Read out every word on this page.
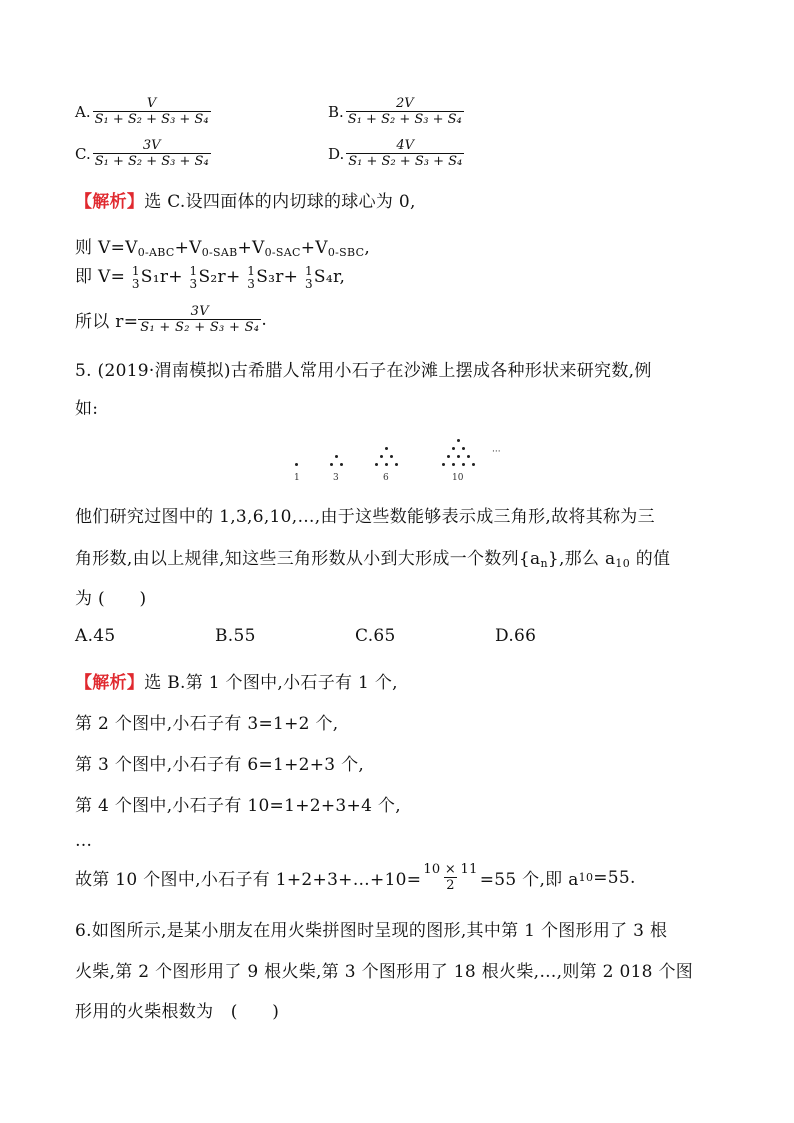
A. $\frac{V}{\text{S₁ + S₂ + S₃ + S₄}}$	B. $\frac{2V}{\text{S₁ + S₂ + S₃ + S₄}}$
C. $\frac{3V}{\text{S₁ + S₂ + S₃ + S₄}}$	D. $\frac{4V}{\text{S₁ + S₂ + S₃ + S₄}}$
【解析】选 C.设四面体的内切球的球心为 0,
则 $V=V_{0-ABC}+V_{0-SAB}+V_{0-SAC}+V_{0-SBC}$,
即 V= 1
3 S₁r+ 1
3 S₂r+ 1
3 S₃r+ 1
3 S₄r,
所以 $r= \frac{3V}{\text{S₁ + S₂ + S₃ + S₄}}$ .
5. (2019·渭南模拟)古希腊人常用小石子在沙滩上摆成各种形状来研究数,例
如:
1	3	6	10
···
他们研究过图中的 1,3,6,10,…,由于这些数能够表示成三角形,故将其称为三
角形数,由以上规律,知这些三角形数从小到大形成一个数列$\{a_n\}$,那么 $a_{10}$ 的值
为 (　　)
A.45	B.55	C.65	D.66
【解析】选 B.第 1 个图中,小石子有 1 个,
第 2 个图中,小石子有 3=1+2 个,
第 3 个图中,小石子有 6=1+2+3 个,
第 4 个图中,小石子有 10=1+2+3+4 个,
…
故第 10 个图中,小石子有 1+2+3+…+10= $\frac{10 \times 11}{2} =55$ 个,即 a 10 =55.
6.如图所示,是某小朋友在用火柴拼图时呈现的图形,其中第 1 个图形用了 3 根
火柴,第 2 个图形用了 9 根火柴,第 3 个图形用了 18 根火柴,…,则第 2 018 个图
形用的火柴根数为　(　　)
